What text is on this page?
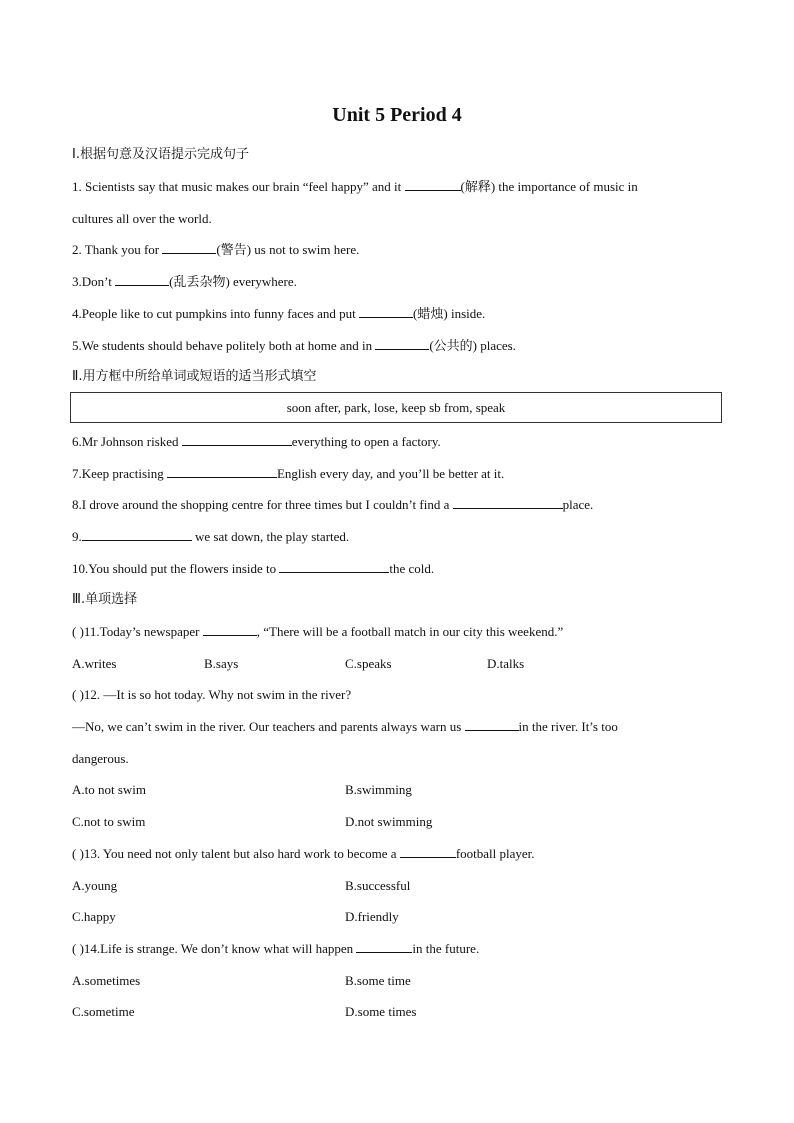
Unit 5 Period 4
Ⅰ.根据句意及汉语提示完成句子
1. Scientists say that music makes our brain “feel happy” and it	(解释) the importance of music in
cultures all over the world.
2. Thank you for	(警告) us not to swim here.
3.Don’t	(乱丢杂物) everywhere.
4.People like to cut pumpkins into funny faces and put	(蜡烛) inside.
5.We students should behave politely both at home and in	(公共的) places.
Ⅱ.用方框中所给单词或短语的适当形式填空
soon after, park, lose, keep sb from, speak
6.Mr Johnson risked	everything to open a factory.
7.Keep practising	English every day, and you’ll be better at it.
8.I drove around the shopping centre for three times but I couldn’t find a	place.
9.	we sat down, the play started.
10.You should put the flowers inside to	the cold.
Ⅲ.单项选择
( )11.Today’s newspaper	, “There will be a football match in our city this weekend.”
A.writes	B.says	C.speaks	D.talks
( )12. —It is so hot today. Why not swim in the river?
—No, we can’t swim in the river. Our teachers and parents always warn us	in the river. It’s too
dangerous.
A.to not swim	B.swimming
C.not to swim	D.not swimming
( )13. You need not only talent but also hard work to become a	football player.
A.young	B.successful
C.happy	D.friendly
( )14.Life is strange. We don’t know what will happen	in the future.
A.sometimes	B.some time
C.sometime	D.some times
